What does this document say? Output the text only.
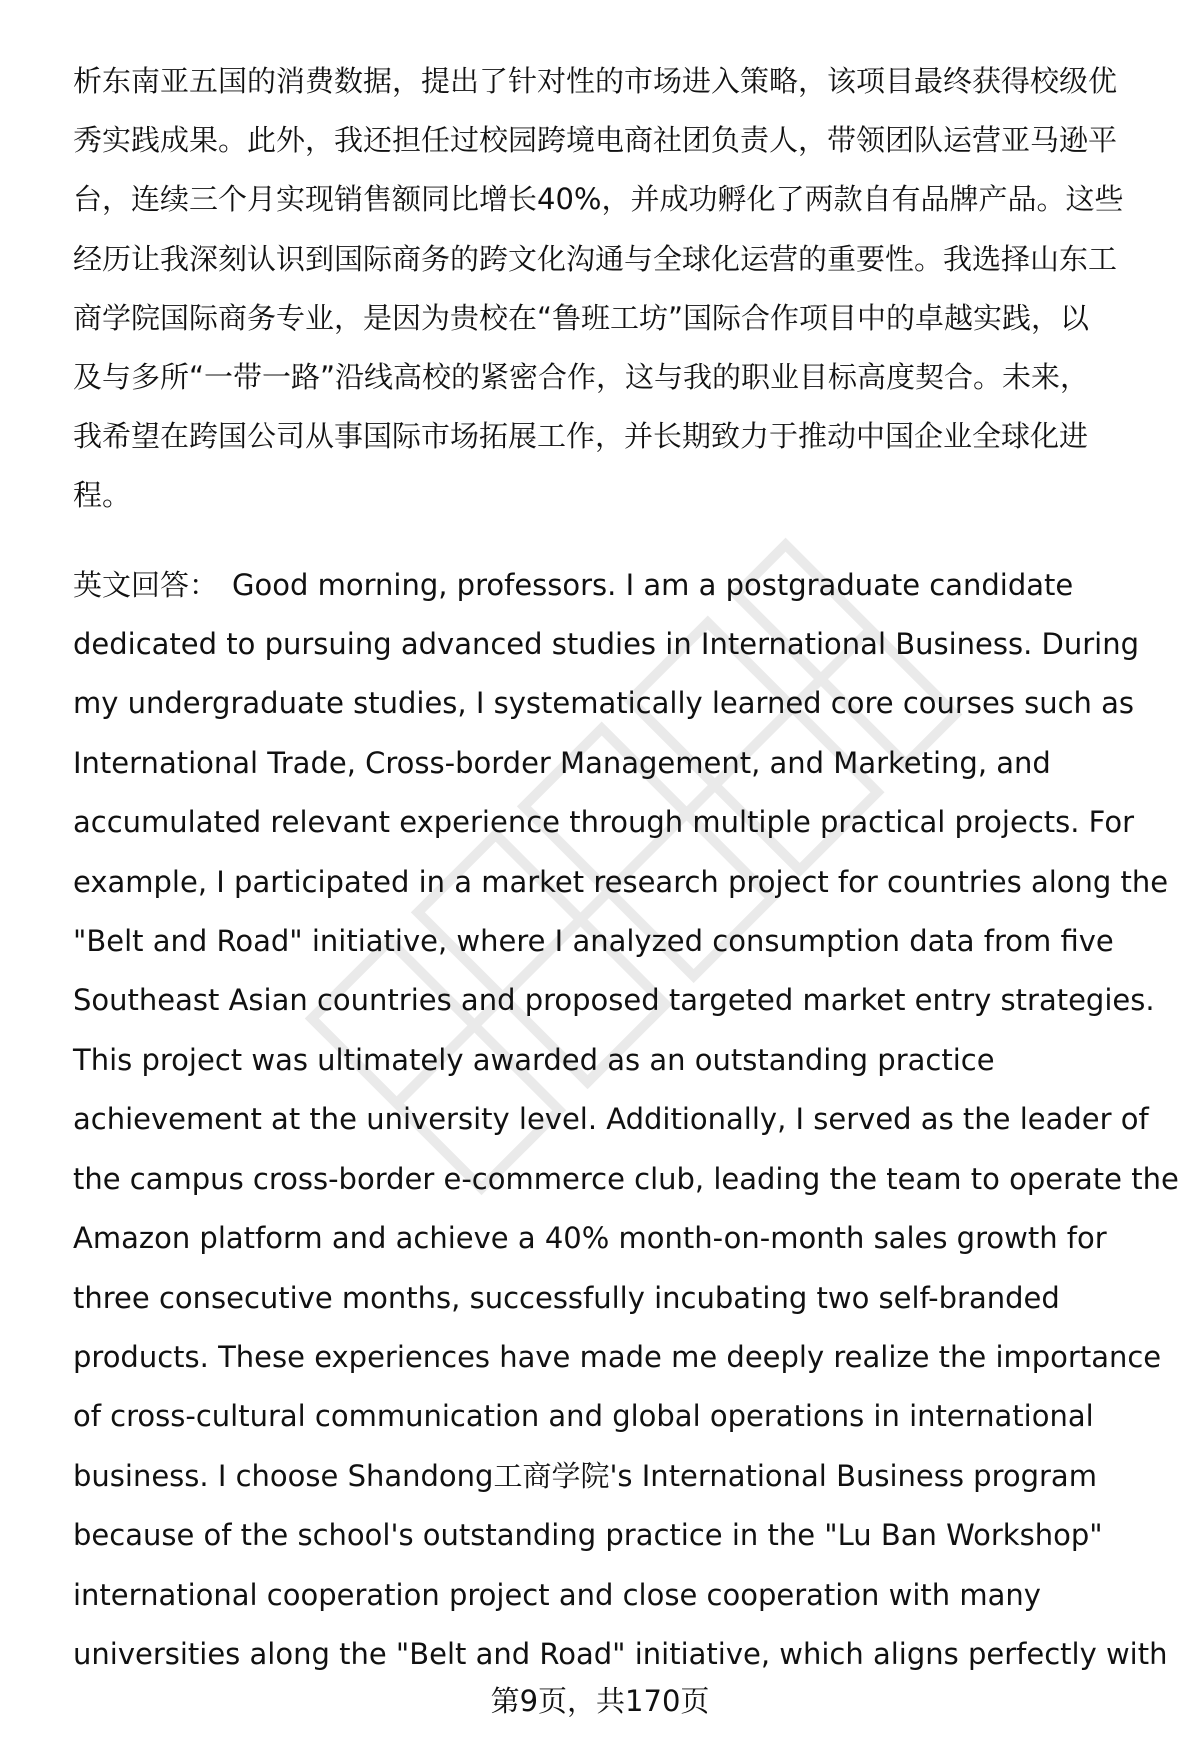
析东南亚五国的消费数据，提出了针对性的市场进入策略，该项目最终获得校级优
秀实践成果。此外，我还担任过校园跨境电商社团负责人，带领团队运营亚马逊平
台，连续三个月实现销售额同比增长40%，并成功孵化了两款自有品牌产品。这些
经历让我深刻认识到国际商务的跨文化沟通与全球化运营的重要性。我选择山东工
商学院国际商务专业，是因为贵校在“鲁班工坊”国际合作项目中的卓越实践，以
及与多所“一带一路”沿线高校的紧密合作，这与我的职业目标高度契合。未来，
我希望在跨国公司从事国际市场拓展工作，并长期致力于推动中国企业全球化进
程。

英文回答： Good morning, professors. I am a postgraduate candidate
dedicated to pursuing advanced studies in International Business. During
my undergraduate studies, I systematically learned core courses such as
International Trade, Cross-border Management, and Marketing, and
accumulated relevant experience through multiple practical projects. For
example, I participated in a market research project for countries along the
"Belt and Road" initiative, where I analyzed consumption data from five
Southeast Asian countries and proposed targeted market entry strategies.
This project was ultimately awarded as an outstanding practice
achievement at the university level. Additionally, I served as the leader of
the campus cross-border e-commerce club, leading the team to operate the
Amazon platform and achieve a 40% month-on-month sales growth for
three consecutive months, successfully incubating two self-branded
products. These experiences have made me deeply realize the importance
of cross-cultural communication and global operations in international
business. I choose Shandong工商学院's International Business program
because of the school's outstanding practice in the "Lu Ban Workshop"
international cooperation project and close cooperation with many
universities along the "Belt and Road" initiative, which aligns perfectly with

第9页，共170页
